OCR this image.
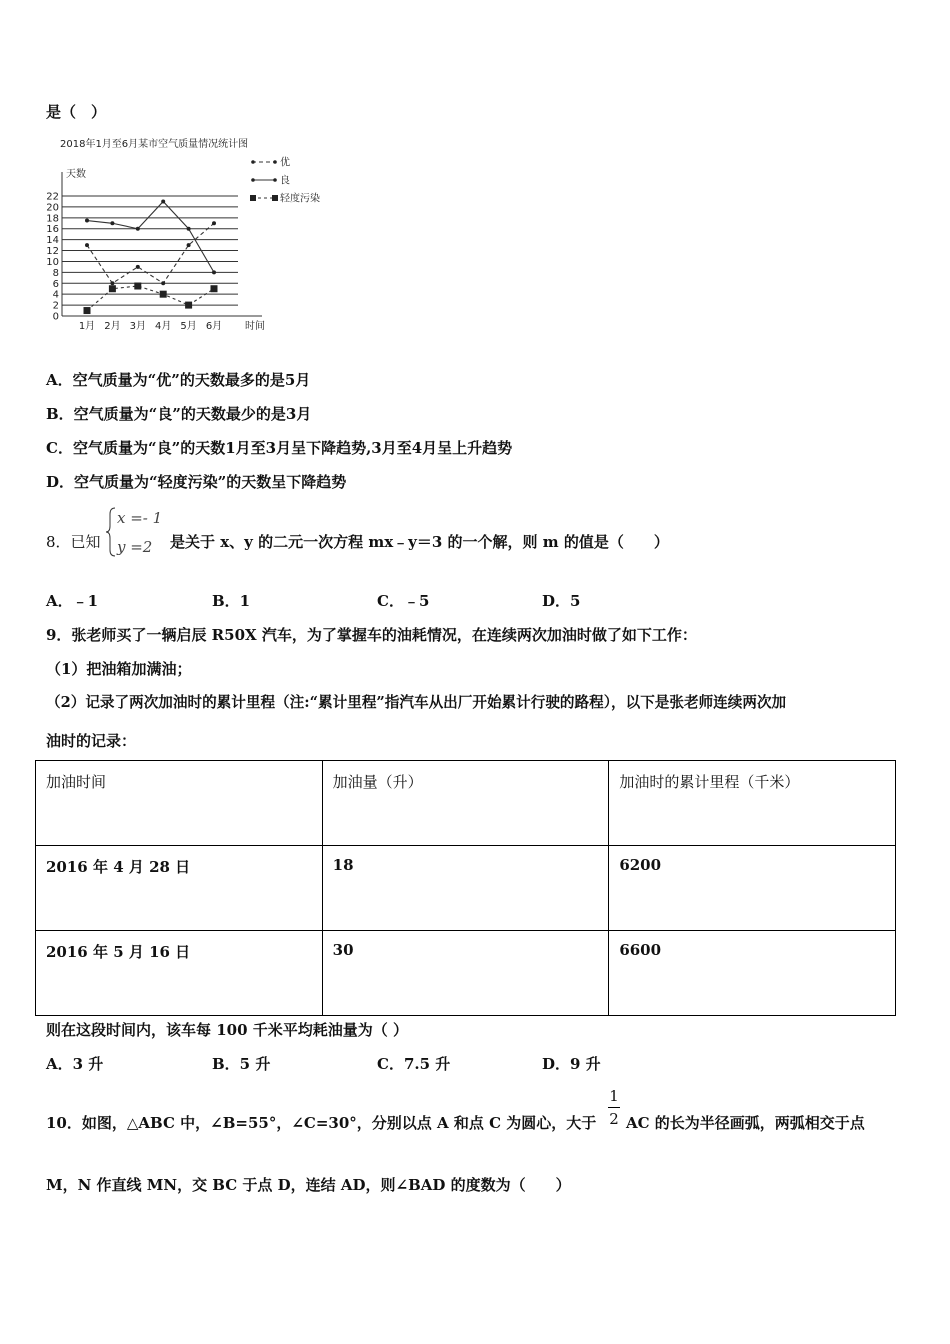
是（　）
2018年1月至6月某市空气质量情况统计图
天数
时间
0
2
4
6
8
10
12
14
16
18
20
22
1月 2月 3月 4月 5月 6月
优
良
轻度污染
A．空气质量为“优”的天数最多的是5月
B．空气质量为“良”的天数最少的是3月
C．空气质量为“良”的天数1月至3月呈下降趋势,3月至4月呈上升趋势
D．空气质量为“轻度污染”的天数呈下降趋势
8．已知
x =- 1
y =2 是关于 x、y 的二元一次方程 mx﹣y＝3 的一个解，则 m 的值是（　　）
A．﹣1	B．1	C．﹣5	D．5
9．张老师买了一辆启辰 R50X 汽车，为了掌握车的油耗情况，在连续两次加油时做了如下工作：
（1）把油箱加满油；
（2）记录了两次加油时的累计里程（注:“累计里程”指汽车从出厂开始累计行驶的路程），以下是张老师连续两次加
油时的记录：
加油时间	加油量（升）	加油时的累计里程（千米）
2016 年 4 月 28 日	18	6200
2016 年 5 月 16 日	30	6600
则在这段时间内，该车每 100 千米平均耗油量为（ ）
A．3 升	B．5 升	C．7.5 升	D．9 升
10．如图，△ABC 中，∠B=55°，∠C=30°，分别以点 A 和点 C 为圆心，大于
1
2 AC 的长为半径画弧，两弧相交于点
M，N 作直线 MN，交 BC 于点 D，连结 AD，则∠BAD 的度数为（　　）
